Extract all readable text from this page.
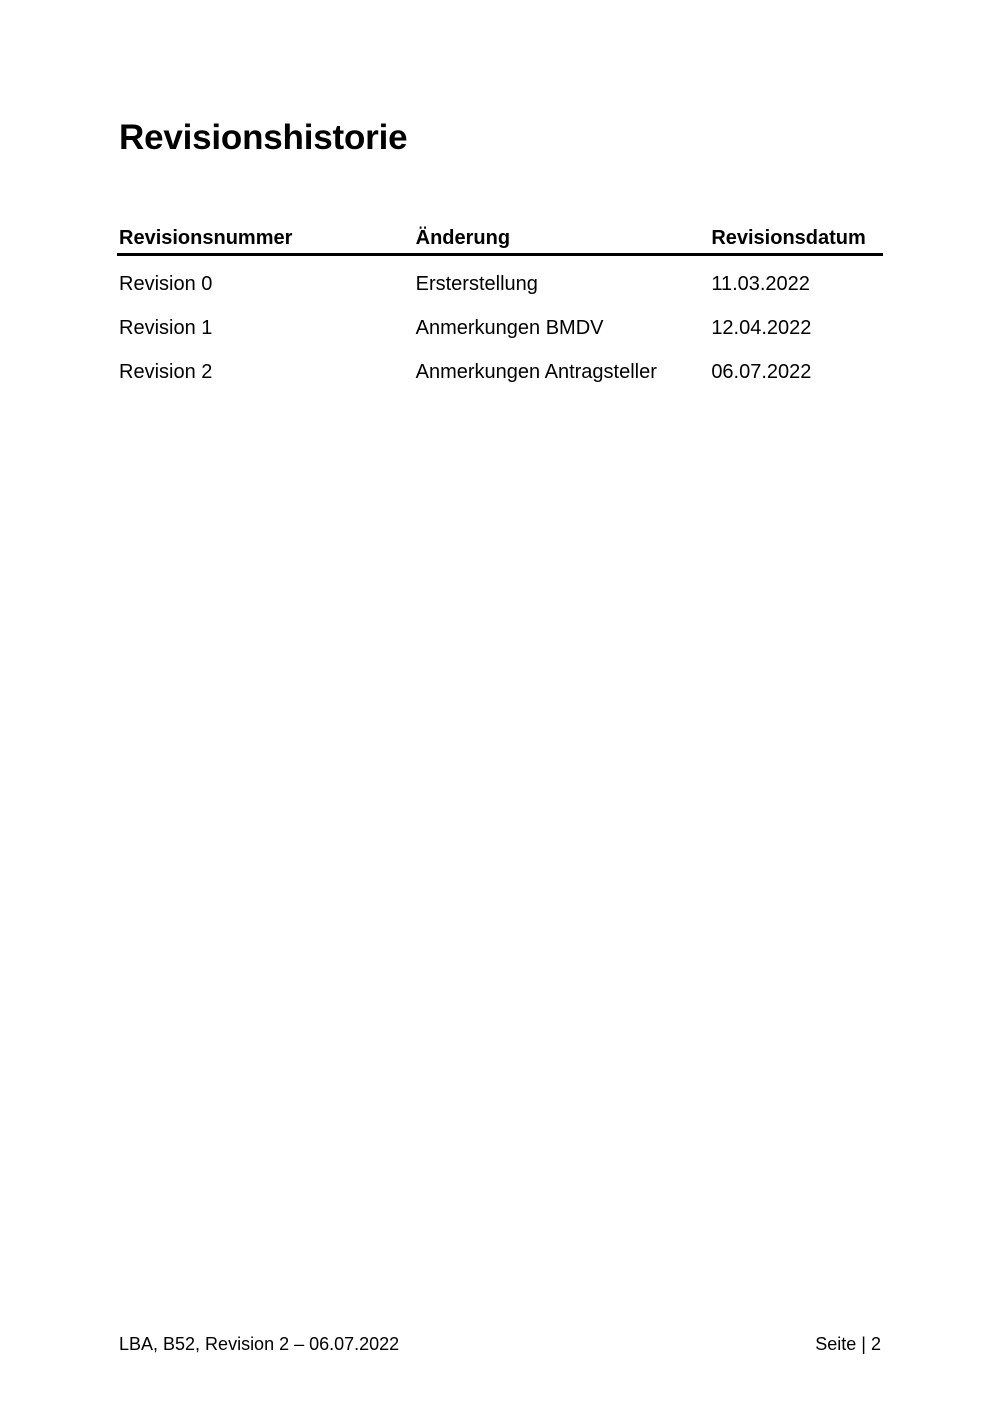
Revisionshistorie
Revisionsnummer	Änderung	Revisionsdatum
Revision 0	Ersterstellung	11.03.2022
Revision 1	Anmerkungen BMDV	12.04.2022
Revision 2	Anmerkungen Antragsteller	06.07.2022
LBA, B52, Revision 2 – 06.07.2022	Seite | 2
